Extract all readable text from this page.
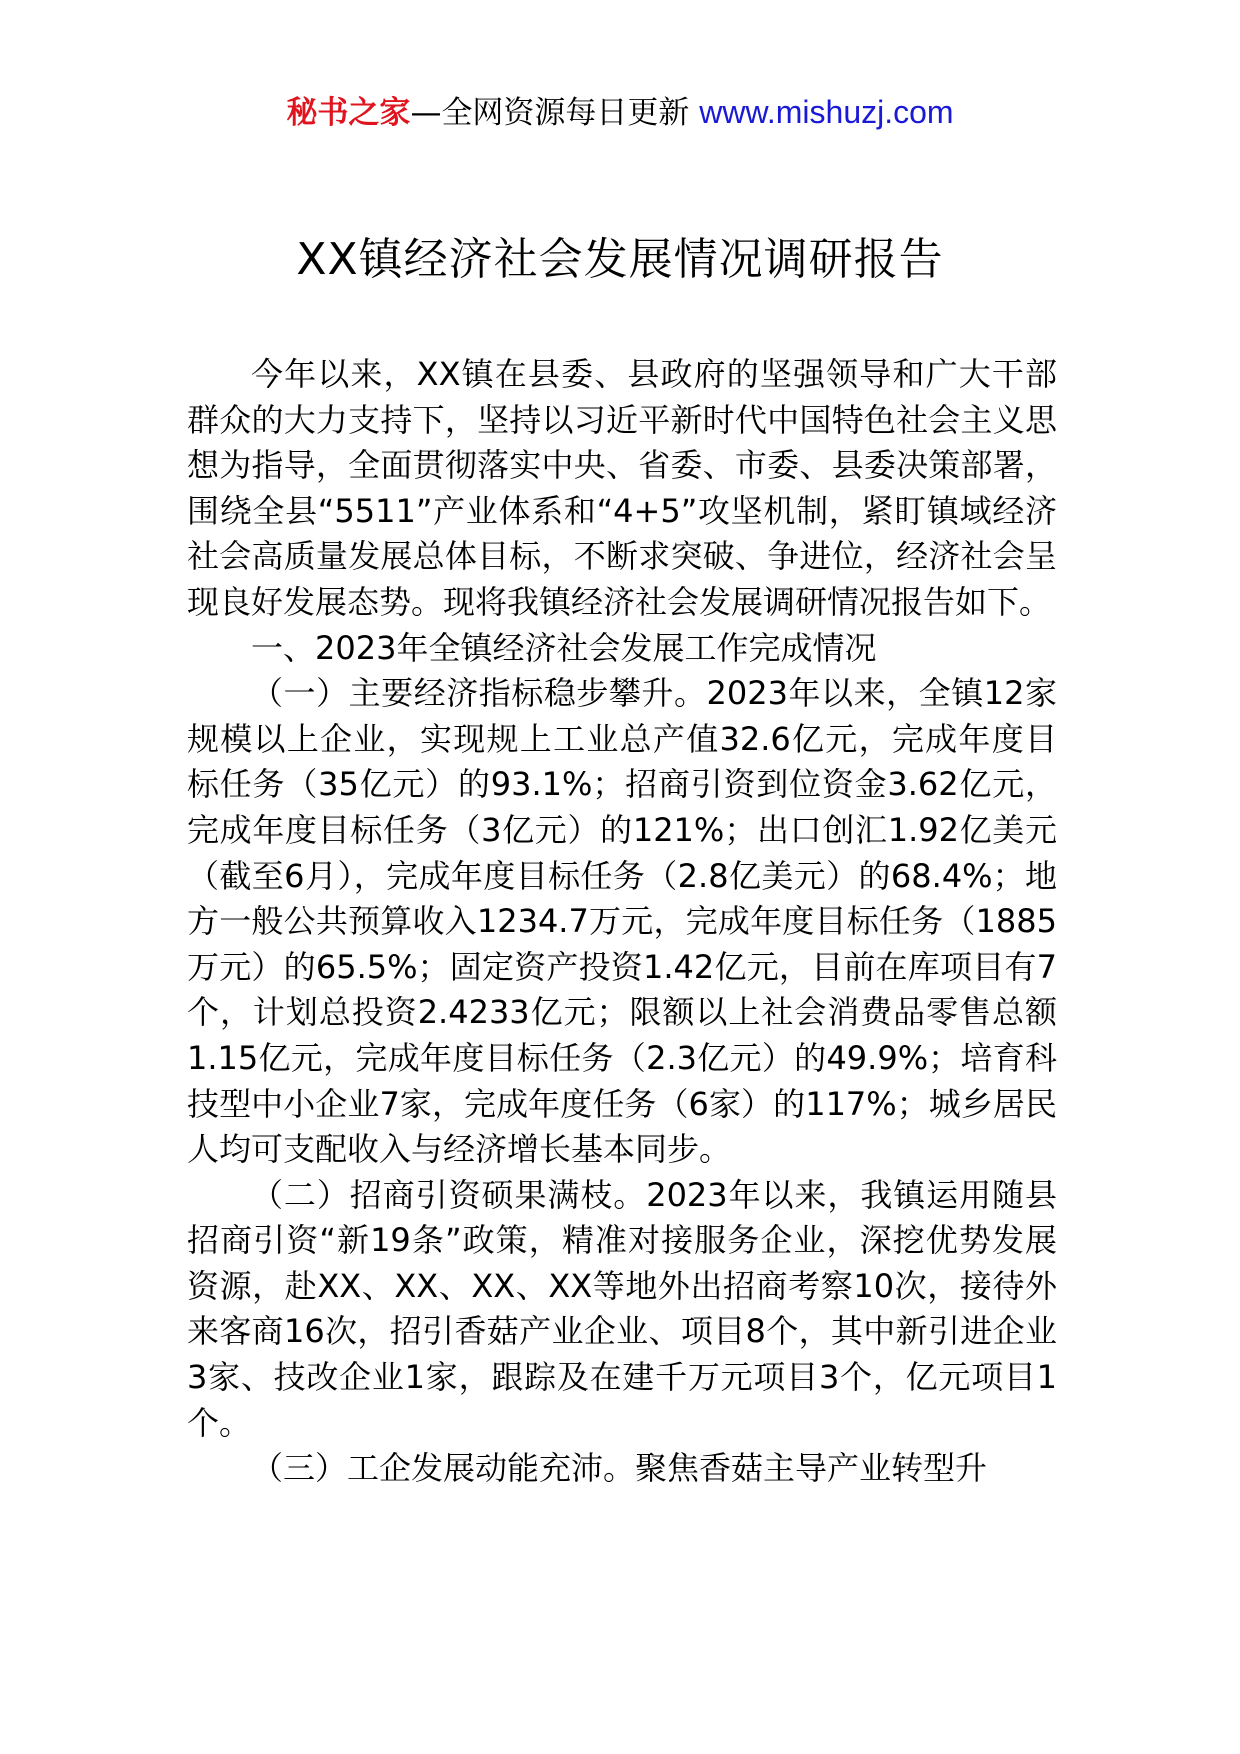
秘书之家—全网资源每日更新 www.mishuzj.com
XX镇经济社会发展情况调研报告

今年以来，XX镇在县委、县政府的坚强领导和广大干部群众的大力支持下，坚持以习近平新时代中国特色社会主义思想为指导，全面贯彻落实中央、省委、市委、县委决策部署，围绕全县“5511”产业体系和“4+5”攻坚机制，紧盯镇域经济社会高质量发展总体目标，不断求突破、争进位，经济社会呈现良好发展态势。现将我镇经济社会发展调研情况报告如下。

一、2023年全镇经济社会发展工作完成情况

（一）主要经济指标稳步攀升。2023年以来，全镇12家规模以上企业，实现规上工业总产值32.6亿元，完成年度目标任务（35亿元）的93.1%；招商引资到位资金3.62亿元，完成年度目标任务（3亿元）的121%；出口创汇1.92亿美元（截至6月），完成年度目标任务（2.8亿美元）的68.4%；地方一般公共预算收入1234.7万元，完成年度目标任务（1885万元）的65.5%；固定资产投资1.42亿元，目前在库项目有7个，计划总投资2.4233亿元；限额以上社会消费品零售总额1.15亿元，完成年度目标任务（2.3亿元）的49.9%；培育科技型中小企业7家，完成年度任务（6家）的117%；城乡居民人均可支配收入与经济增长基本同步。

（二）招商引资硕果满枝。2023年以来，我镇运用随县招商引资“新19条”政策，精准对接服务企业，深挖优势发展资源，赴XX、XX、XX、XX等地外出招商考察10次，接待外来客商16次，招引香菇产业企业、项目8个，其中新引进企业3家、技改企业1家，跟踪及在建千万元项目3个，亿元项目1个。

（三）工企发展动能充沛。聚焦香菇主导产业转型升
